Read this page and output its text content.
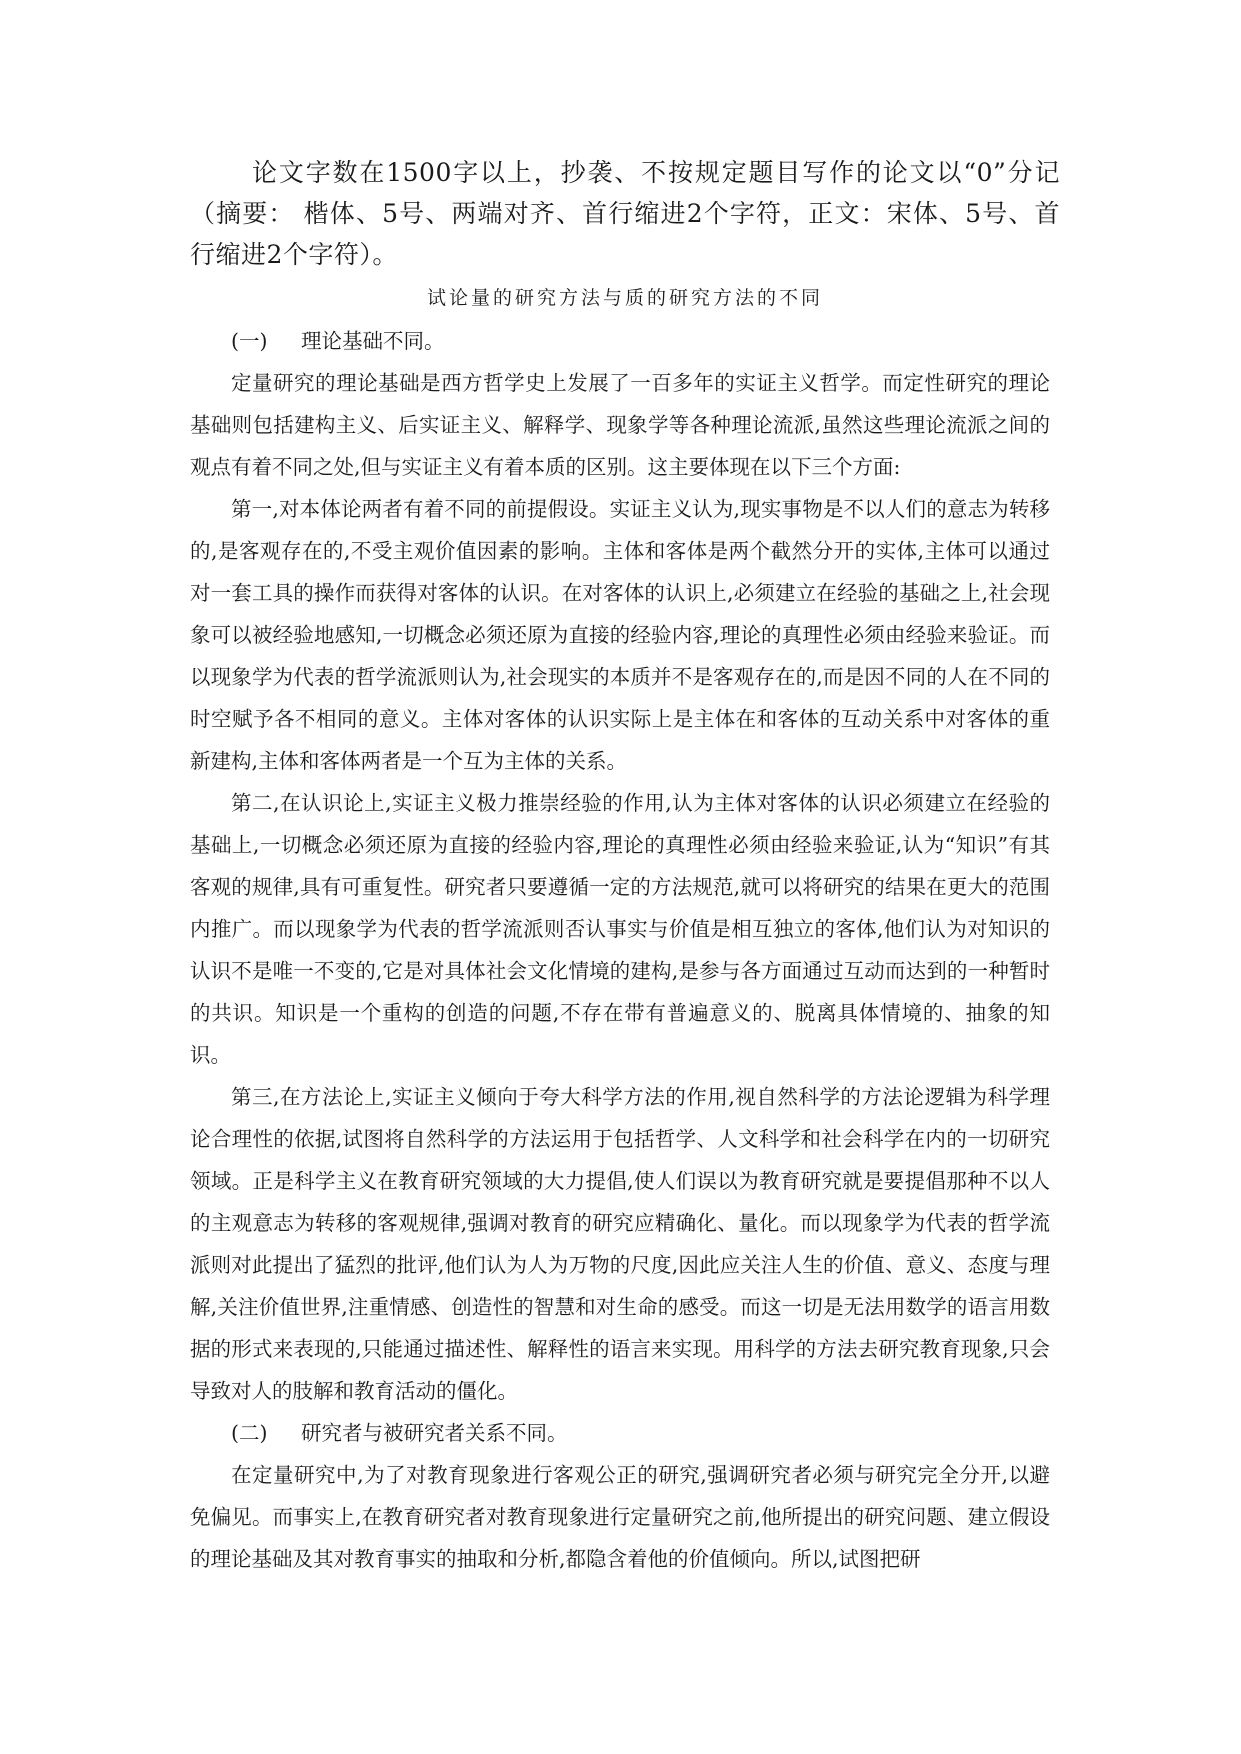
论文字数在1500字以上，抄袭、不按规定题目写作的论文以“0”分记（摘要： 楷体、5号、两端对齐、首行缩进2个字符，正文：宋体、5号、首行缩进2个字符）。

试论量的研究方法与质的研究方法的不同

(一) 理论基础不同。

定量研究的理论基础是西方哲学史上发展了一百多年的实证主义哲学。而定性研究的理论基础则包括建构主义、后实证主义、解释学、现象学等各种理论流派,虽然这些理论流派之间的观点有着不同之处,但与实证主义有着本质的区别。这主要体现在以下三个方面:

第一,对本体论两者有着不同的前提假设。实证主义认为,现实事物是不以人们的意志为转移的,是客观存在的,不受主观价值因素的影响。主体和客体是两个截然分开的实体,主体可以通过对一套工具的操作而获得对客体的认识。在对客体的认识上,必须建立在经验的基础之上,社会现象可以被经验地感知,一切概念必须还原为直接的经验内容,理论的真理性必须由经验来验证。而以现象学为代表的哲学流派则认为,社会现实的本质并不是客观存在的,而是因不同的人在不同的时空赋予各不相同的意义。主体对客体的认识实际上是主体在和客体的互动关系中对客体的重新建构,主体和客体两者是一个互为主体的关系。

第二,在认识论上,实证主义极力推崇经验的作用,认为主体对客体的认识必须建立在经验的基础上,一切概念必须还原为直接的经验内容,理论的真理性必须由经验来验证,认为“知识”有其客观的规律,具有可重复性。研究者只要遵循一定的方法规范,就可以将研究的结果在更大的范围内推广。而以现象学为代表的哲学流派则否认事实与价值是相互独立的客体,他们认为对知识的认识不是唯一不变的,它是对具体社会文化情境的建构,是参与各方面通过互动而达到的一种暂时的共识。知识是一个重构的创造的问题,不存在带有普遍意义的、脱离具体情境的、抽象的知识。

第三,在方法论上,实证主义倾向于夸大科学方法的作用,视自然科学的方法论逻辑为科学理论合理性的依据,试图将自然科学的方法运用于包括哲学、人文科学和社会科学在内的一切研究领域。正是科学主义在教育研究领域的大力提倡,使人们误以为教育研究就是要提倡那种不以人的主观意志为转移的客观规律,强调对教育的研究应精确化、量化。而以现象学为代表的哲学流派则对此提出了猛烈的批评,他们认为人为万物的尺度,因此应关注人生的价值、意义、态度与理解,关注价值世界,注重情感、创造性的智慧和对生命的感受。而这一切是无法用数学的语言用数据的形式来表现的,只能通过描述性、解释性的语言来实现。用科学的方法去研究教育现象,只会导致对人的肢解和教育活动的僵化。

(二) 研究者与被研究者关系不同。

在定量研究中,为了对教育现象进行客观公正的研究,强调研究者必须与研究完全分开,以避免偏见。而事实上,在教育研究者对教育现象进行定量研究之前,他所提出的研究问题、建立假设的理论基础及其对教育事实的抽取和分析,都隐含着他的价值倾向。所以,试图把研
